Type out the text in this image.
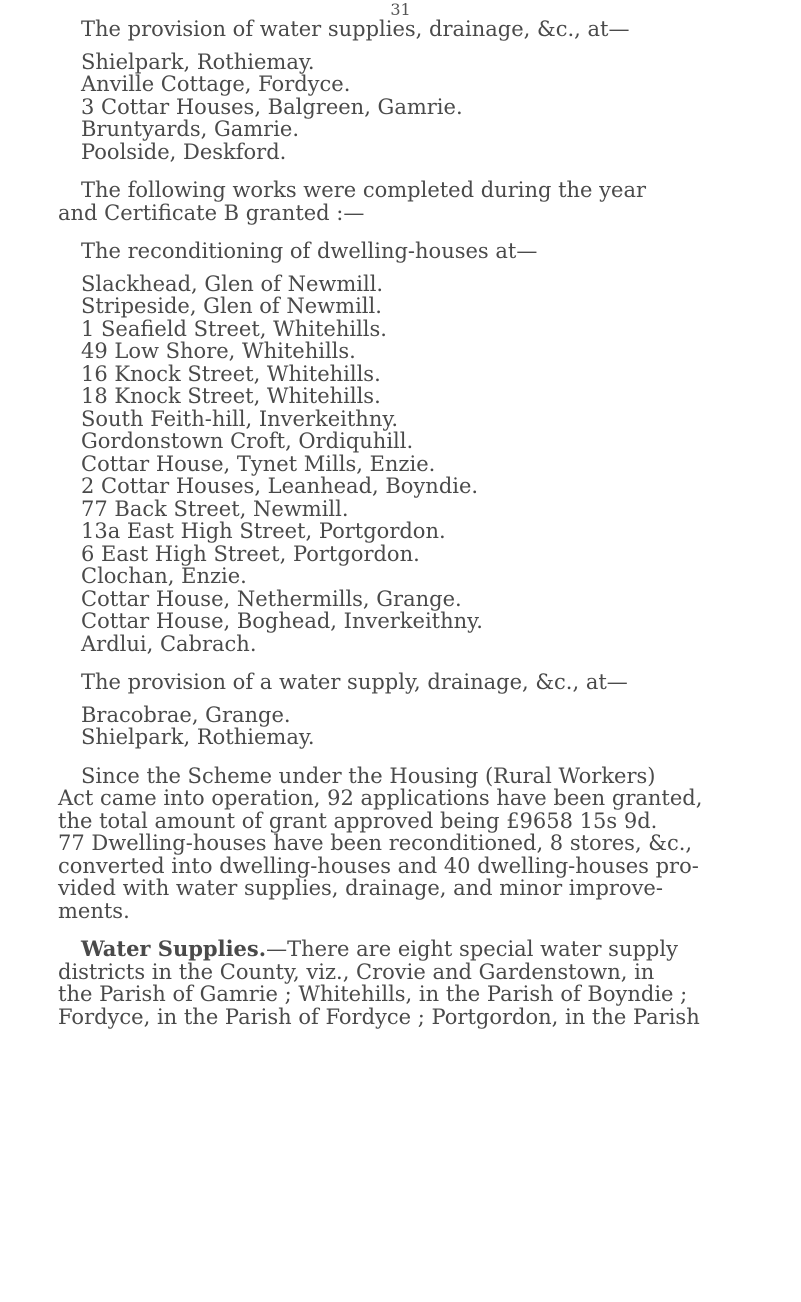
31
The provision of water supplies, drainage, &c., at—
Shielpark, Rothiemay.
Anville Cottage, Fordyce.
3 Cottar Houses, Balgreen, Gamrie.
Bruntyards, Gamrie.
Poolside, Deskford.
The following works were completed during the year
and Certificate B granted :—
The reconditioning of dwelling-houses at—
Slackhead, Glen of Newmill.
Stripeside, Glen of Newmill.
1 Seafield Street, Whitehills.
49 Low Shore, Whitehills.
16 Knock Street, Whitehills.
18 Knock Street, Whitehills.
South Feith-hill, Inverkeithny.
Gordonstown Croft, Ordiquhill.
Cottar House, Tynet Mills, Enzie.
2 Cottar Houses, Leanhead, Boyndie.
77 Back Street, Newmill.
13a East High Street, Portgordon.
6 East High Street, Portgordon.
Clochan, Enzie.
Cottar House, Nethermills, Grange.
Cottar House, Boghead, Inverkeithny.
Ardlui, Cabrach.
The provision of a water supply, drainage, &c., at—
Bracobrae, Grange.
Shielpark, Rothiemay.
Since the Scheme under the Housing (Rural Workers)
Act came into operation, 92 applications have been granted,
the total amount of grant approved being £9658 15s 9d.
77 Dwelling-houses have been reconditioned, 8 stores, &c.,
converted into dwelling-houses and 40 dwelling-houses pro-
vided with water supplies, drainage, and minor improve-
ments.
Water Supplies.—There are eight special water supply
districts in the County, viz., Crovie and Gardenstown, in
the Parish of Gamrie ; Whitehills, in the Parish of Boyndie ;
Fordyce, in the Parish of Fordyce ; Portgordon, in the Parish
